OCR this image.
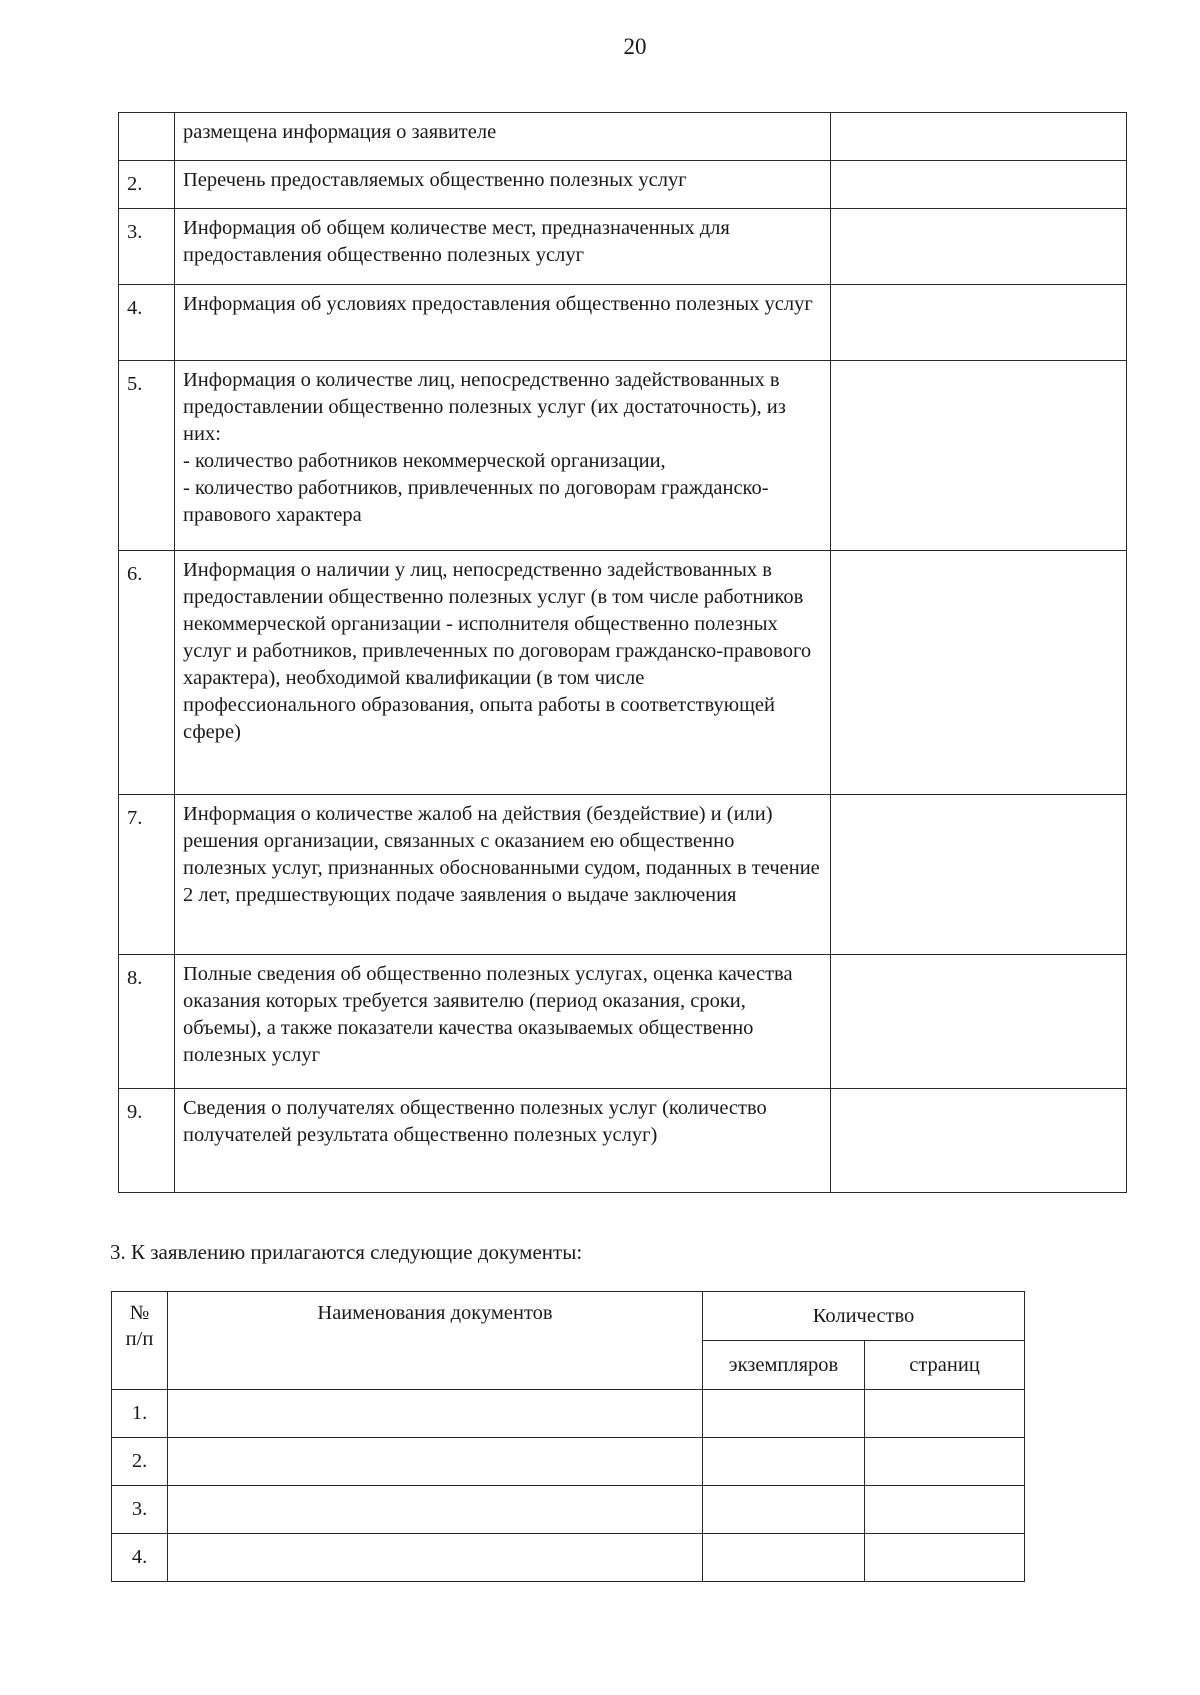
20
	размещена информация о заявителе	
2.	Перечень предоставляемых общественно полезных услуг	
3.	Информация об общем количестве мест, предназначенных для предоставления общественно полезных услуг	
4.	Информация об условиях предоставления общественно полезных услуг	
5.	Информация о количестве лиц, непосредственно задействованных в предоставлении общественно полезных услуг (их достаточность), из них:
- количество работников некоммерческой организации,
- количество работников, привлеченных по договорам гражданско-правового характера	
6.	Информация о наличии у лиц, непосредственно задействованных в предоставлении общественно полезных услуг (в том числе работников некоммерческой организации - исполнителя общественно полезных услуг и работников, привлеченных по договорам гражданско-правового характера), необходимой квалификации (в том числе профессионального образования, опыта работы в соответствующей сфере)	
7.	Информация о количестве жалоб на действия (бездействие) и (или) решения организации, связанных с оказанием ею общественно полезных услуг, признанных обоснованными судом, поданных в течение 2 лет, предшествующих подаче заявления о выдаче заключения	
8.	Полные сведения об общественно полезных услугах, оценка качества оказания которых требуется заявителю (период оказания, сроки, объемы), а также показатели качества оказываемых общественно полезных услуг	
9.	Сведения о получателях общественно полезных услуг (количество получателей результата общественно полезных услуг)	
3. К заявлению прилагаются следующие документы:
№
п/п	Наименования документов	Количество	
		экземпляров	страниц
1.			
2.			
3.			
4.			
